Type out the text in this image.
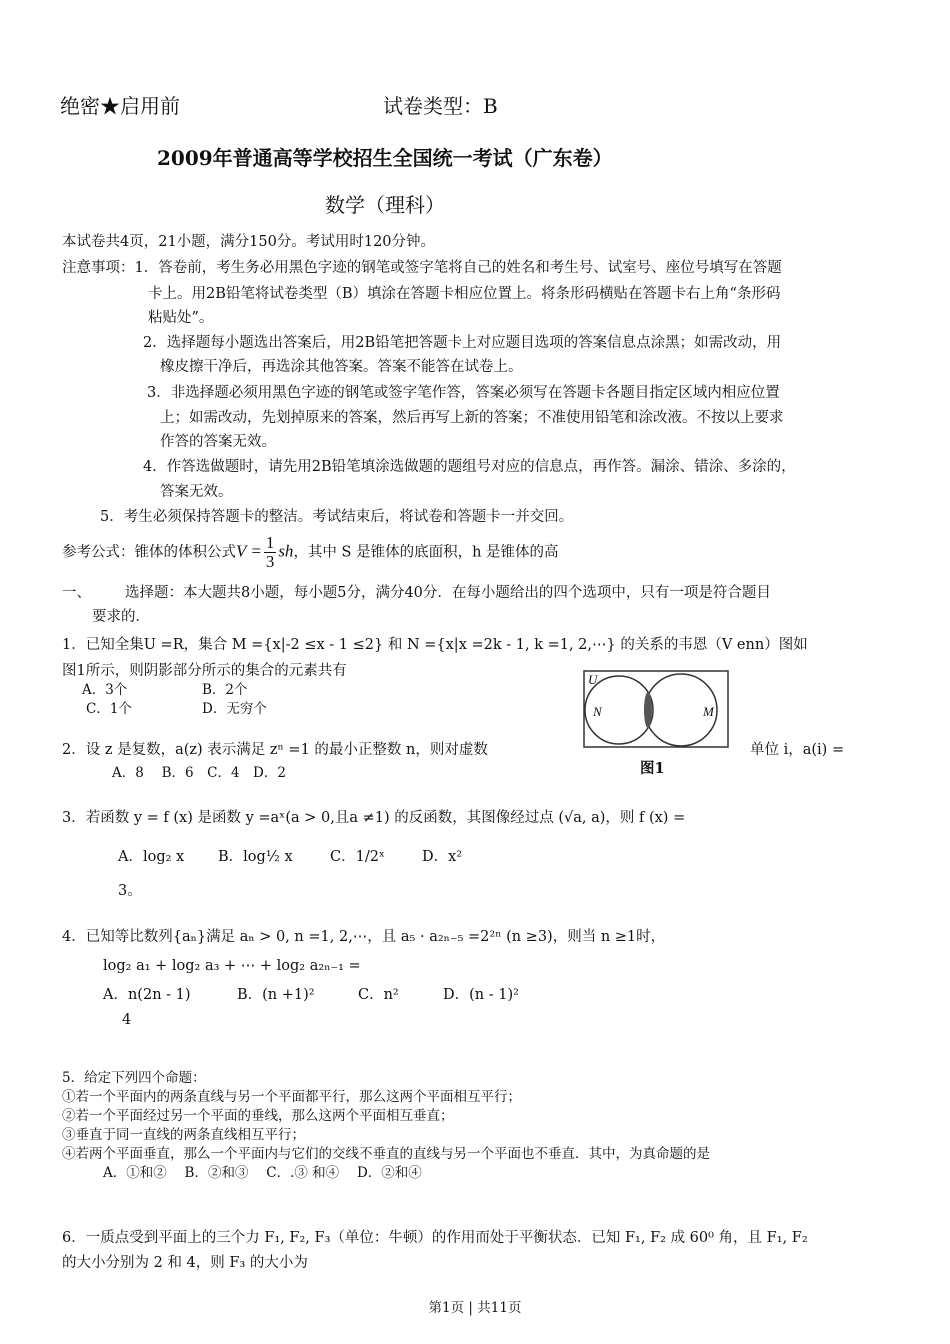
绝密★启用前	试卷类型：B
2009年普通高等学校招生全国统一考试（广东卷）
数学（理科）
本试卷共4页，21小题，满分150分。考试用时120分钟。
注意事项：1．答卷前，考生务必用黑色字迹的钢笔或签字笔将自己的姓名和考生号、试室号、座位号填写在答题
卡上。用2B铅笔将试卷类型（B）填涂在答题卡相应位置上。将条形码横贴在答题卡右上角“条形码
粘贴处”。
2．选择题每小题选出答案后，用2B铅笔把答题卡上对应题目选项的答案信息点涂黑；如需改动，用
橡皮擦干净后，再选涂其他答案。答案不能答在试卷上。
3．非选择题必须用黑色字迹的钢笔或签字笔作答，答案必须写在答题卡各题目指定区域内相应位置
上；如需改动，先划掉原来的答案，然后再写上新的答案；不准使用铅笔和涂改液。不按以上要求
作答的答案无效。
4．作答选做题时，请先用2B铅笔填涂选做题的题组号对应的信息点，再作答。漏涂、错涂、多涂的，
答案无效。
5．考生必须保持答题卡的整洁。考试结束后，将试卷和答题卡一并交回。
参考公式：锥体的体积公式$V = \frac{1}{3}$ sh，其中 S 是锥体的底面积，h 是锥体的高
一、 选择题：本大题共8小题，每小题5分，满分40分．在每小题给出的四个选项中，只有一项是符合题目
要求的．
1．已知全集U =R，集合 M ={x|-2 ≤x - 1 ≤2} 和 N ={x|x =2k - 1, k =1, 2,⋯} 的关系的韦恩（V enn）图如
图1所示，则阴影部分所示的集合的元素共有
A．3个	B．2个
C．1个	D．无穷个
U
N	M
图1
2．设 z 是复数，a(z) 表示满足 zⁿ =1 的最小正整数 n，则对虚数	单位 i，a(i) =
A．8　 B．6　C．4　D．2
3．若函数 y = f (x) 是函数 y =aˣ(a > 0,且a ≠1) 的反函数，其图像经过点 (√a, a)，则 f (x) =
A．log₂ x B．log½ x	C．1/2ˣ	D．x²
3。
4．已知等比数列{aₙ}满足 aₙ > 0, n =1, 2,⋯，且 a₅ · a₂ₙ₋₅ =2²ⁿ (n ≥3)，则当 n ≥1时，
log₂ a₁ + log₂ a₃ + ⋯ + log₂ a₂ₙ₋₁ =
A．n(2n - 1)	B．(n +1)²	C．n²	D．(n - 1)²
4
5．给定下列四个命题：
①若一个平面内的两条直线与另一个平面都平行，那么这两个平面相互平行；
②若一个平面经过另一个平面的垂线，那么这两个平面相互垂直；
③垂直于同一直线的两条直线相互平行；
④若两个平面垂直，那么一个平面内与它们的交线不垂直的直线与另一个平面也不垂直．其中，为真命题的是
A．①和②　 B．②和③　 C．.③ 和④　 D．②和④
6．一质点受到平面上的三个力 F₁, F₂, F₃（单位：牛顿）的作用而处于平衡状态．已知 F₁, F₂ 成 60⁰ 角，且 F₁, F₂
的大小分别为 2 和 4，则 F₃ 的大小为
第1页 | 共11页
